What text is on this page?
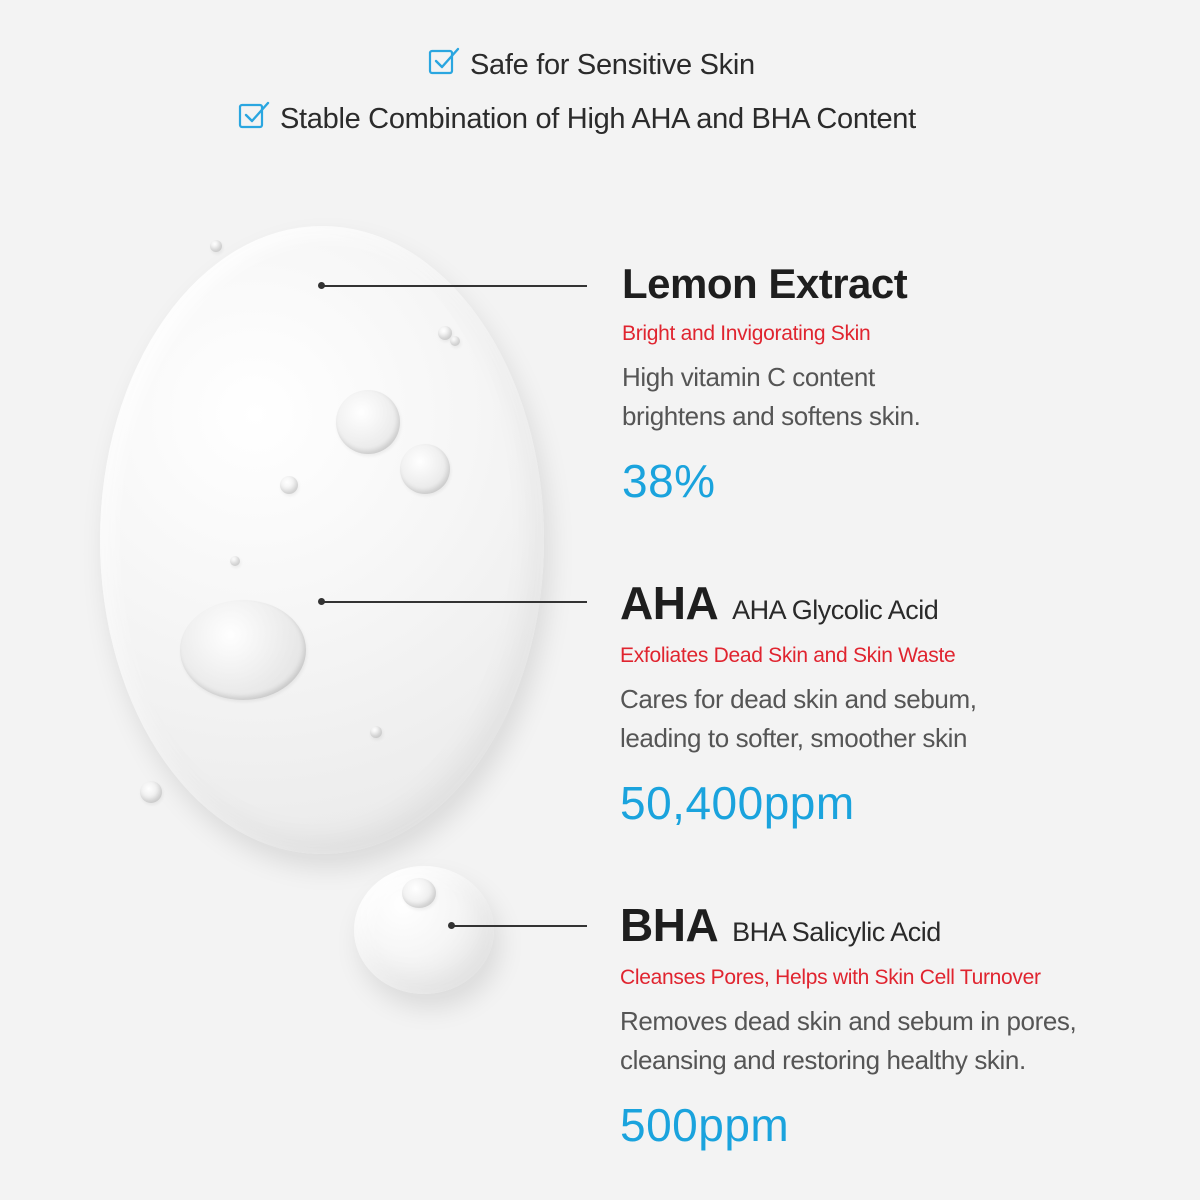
Safe for Sensitive Skin
Stable Combination of High AHA and BHA Content
Lemon Extract
Bright and Invigorating Skin
High vitamin C content
brightens and softens skin.
38%
AHA AHA Glycolic Acid
Exfoliates Dead Skin and Skin Waste
Cares for dead skin and sebum,
leading to softer, smoother skin
50,400ppm
BHA BHA Salicylic Acid
Cleanses Pores, Helps with Skin Cell Turnover
Removes dead skin and sebum in pores,
cleansing and restoring healthy skin.
500ppm
